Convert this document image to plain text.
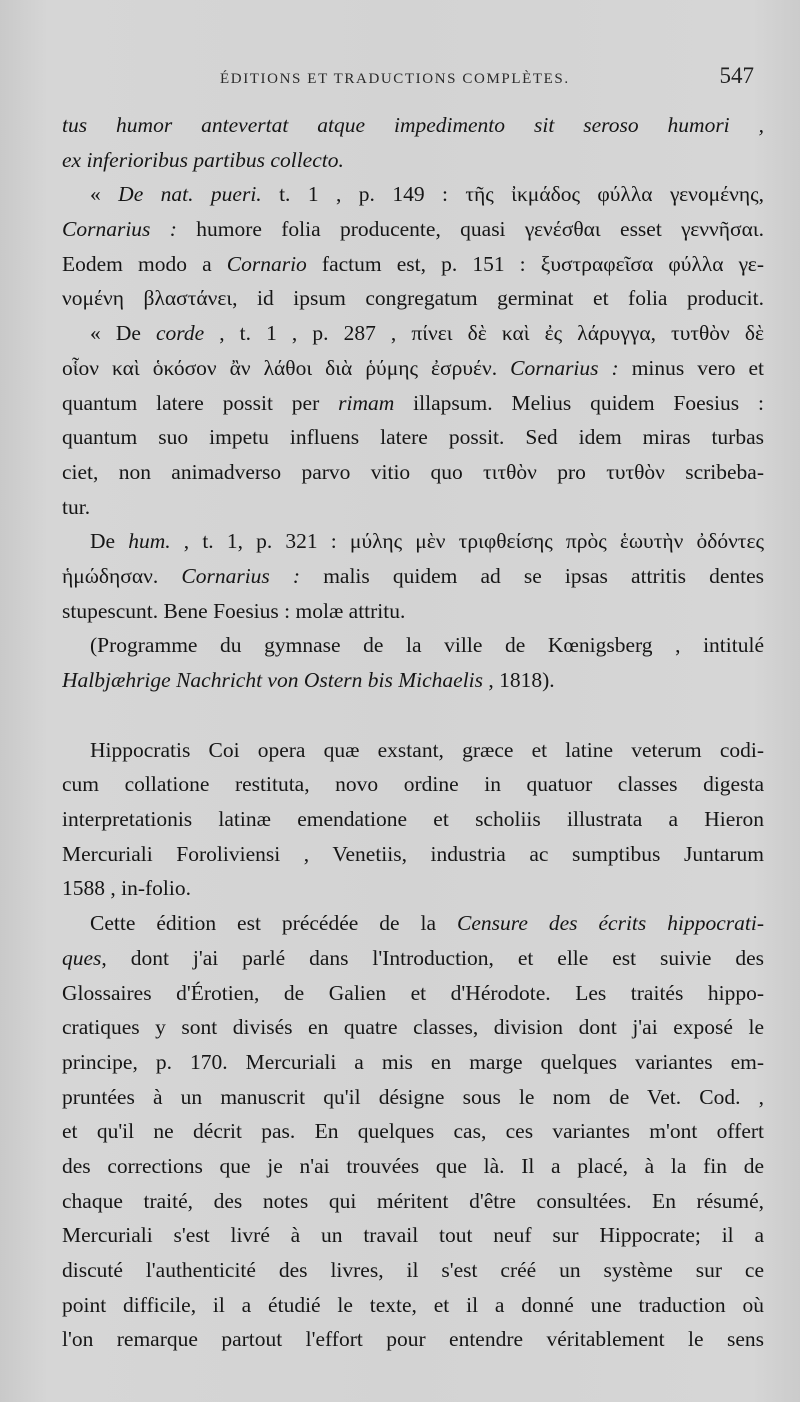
ÉDITIONS ET TRADUCTIONS COMPLÈTES.	547
tus humor antevertat atque impedimento sit seroso humori ,
ex inferioribus partibus collecto.
« De nat. pueri. t. 1 , p. 149 : τῆς ἰκμάδος φύλλα γενομένης,
Cornarius : humore folia producente, quasi γενέσθαι esset γεννῆσαι.
Eodem modo a Cornario factum est, p. 151 : ξυστραφεῖσα φύλλα γε-
νομένη βλαστάνει, id ipsum congregatum germinat et folia producit.
« De corde , t. 1 , p. 287 , πίνει δὲ καὶ ἐς λάρυγγα, τυτθὸν δὲ
οἷον καὶ ὁκόσον ἂν λάθοι διὰ ῥύμης ἐσρυέν. Cornarius : minus vero et
quantum latere possit per rimam illapsum. Melius quidem Foesius :
quantum suo impetu influens latere possit. Sed idem miras turbas
ciet, non animadverso parvo vitio quo τιτθὸν pro τυτθὸν scribeba-
tur.
De hum. , t. 1, p. 321 : μύλης μὲν τριφθείσης πρὸς ἑωυτὴν ὀδόντες
ἡμώδησαν. Cornarius : malis quidem ad se ipsas attritis dentes
stupescunt. Bene Foesius : molæ attritu.
(Programme du gymnase de la ville de Kœnigsberg , intitulé
Halbjæhrige Nachricht von Ostern bis Michaelis , 1818).
Hippocratis Coi opera quæ exstant, græce et latine veterum codi-
cum collatione restituta, novo ordine in quatuor classes digesta
interpretationis latinæ emendatione et scholiis illustrata a Hieron
Mercuriali Foroliviensi , Venetiis, industria ac sumptibus Juntarum
1588 , in-folio.
Cette édition est précédée de la Censure des écrits hippocrati-
ques, dont j'ai parlé dans l'Introduction, et elle est suivie des
Glossaires d'Érotien, de Galien et d'Hérodote. Les traités hippo-
cratiques y sont divisés en quatre classes, division dont j'ai exposé le
principe, p. 170. Mercuriali a mis en marge quelques variantes em-
pruntées à un manuscrit qu'il désigne sous le nom de Vet. Cod. ,
et qu'il ne décrit pas. En quelques cas, ces variantes m'ont offert
des corrections que je n'ai trouvées que là. Il a placé, à la fin de
chaque traité, des notes qui méritent d'être consultées. En résumé,
Mercuriali s'est livré à un travail tout neuf sur Hippocrate; il a
discuté l'authenticité des livres, il s'est créé un système sur ce
point difficile, il a étudié le texte, et il a donné une traduction où
l'on remarque partout l'effort pour entendre véritablement le sens
